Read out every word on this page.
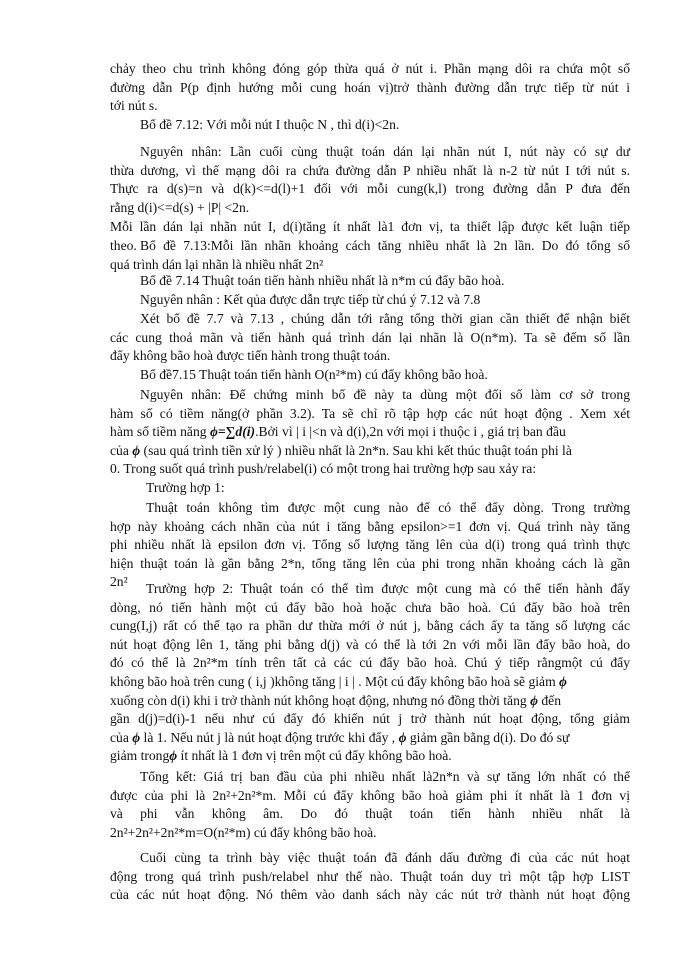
chảy theo chu trình không đóng góp thừa quá ở nút i. Phần mạng dôi ra chứa một số
đường dẫn P(p định hướng mỗi cung hoán vị)trở thành đường dẫn trực tiếp từ nút i
tới nút s.
Bổ đề 7.12: Với mỗi nút I thuộc N , thì d(i)<2n.
Nguyên nhân: Lần cuối cùng thuật toán dán lại nhãn nút I, nút này có sự dư
thừa dương, vì thế mạng dôi ra chứa đường dẫn P nhiều nhất là n-2 từ nút I tới nút s.
Thực ra d(s)=n và d(k)<=d(l)+1 đối với mỗi cung(k,l) trong đường dẫn P đưa đến
rằng d(i)<=d(s) + |P| <2n.
Mỗi lần dán lại nhãn nút I, d(i)tăng ít nhất là1 đơn vị, ta thiết lập được kết luận tiếp
theo. Bổ đề 7.13:Mỗi lần nhãn khoảng cách tăng nhiều nhất là 2n lần. Do đó tổng số
quá trình dán lại nhãn là nhiều nhất 2n²
Bổ đề 7.14 Thuật toán tiến hành nhiều nhất là n*m cú đẩy bão hoà.
Nguyên nhân : Kết qủa được dẫn trực tiếp từ chú ý 7.12 và 7.8
Xét bổ đề 7.7 và 7.13 , chúng dẫn tới rằng tổng thời gian cần thiết để nhận biết
các cung thoả mãn và tiến hành quá trình dán lại nhãn là O(n*m). Ta sẽ đếm số lần
đẩy không bão hoà được tiến hành trong thuật toán.
Bổ đề7.15 Thuật toán tiến hành O(n²*m) cú đẩy không bão hoà.
Nguyên nhân: Để chứng minh bổ đề này ta dùng một đối số làm cơ sở trong
hàm số có tiềm năng(ở phần 3.2). Ta sẽ chỉ rõ tập hợp các nút hoạt động . Xem xét
hàm số tiềm năng ϕ=∑d(i).Bởi vì | i |<n và d(i),2n với mọi i thuộc i , giá trị ban đầu
của ϕ (sau quá trình tiền xử lý ) nhiều nhất là 2n*n. Sau khi kết thúc thuật toán phi là
0. Trong suốt quá trình push/relabel(i) có một trong hai trường hợp sau xảy ra:
Trường hợp 1:
Thuật toán không tìm được một cung nào để có thể đẩy dòng. Trong trường
hợp này khoảng cách nhãn của nút i tăng bằng epsilon>=1 đơn vị. Quá trình này tăng
phi nhiều nhất là epsilon đơn vị. Tổng số lượng tăng lên của d(i) trong quá trình thực
hiện thuật toán là gần bằng 2*n, tổng tăng lên của phi trong nhãn khoảng cách là gần
2n²	Trường hợp 2: Thuật toán có thể tìm được một cung mà có thể tiến hành đẩy
dòng, nó tiến hành một cú đẩy bão hoà hoặc chưa bão hoà. Cú đẩy bão hoà trên
cung(I,j) rất có thể tạo ra phần dư thừa mới ở nút j, bằng cách ấy ta tăng số lượng các
nút hoạt động lên 1, tăng phi bằng d(j) và có thể là tới 2n với mỗi lần đẩy bão hoà, do
đó có thể là 2n²*m tính trên tất cả các cú đẩy bão hoà. Chú ý tiếp rằngmột cú đẩy
không bão hoà trên cung ( i,j )không tăng | i | . Một cú đẩy không bão hoà sẽ giảm ϕ
xuống còn d(i) khi i trở thành nút không hoạt động, nhưng nó đồng thời tăng ϕ đến
gần d(j)=d(i)-1 nếu như cú đẩy đó khiến nút j trở thành nút hoạt động, tổng giảm
của ϕ là 1. Nếu nút j là nút hoạt động trước khi đẩy , ϕ giảm gần bằng d(i). Do đó sự
giảm trongϕ ít nhất là 1 đơn vị trên một cú đẩy không bão hoà.
Tổng kết: Giá trị ban đầu của phi nhiều nhất là2n*n và sự tăng lớn nhất có thể
được của phi là 2n²+2n²*m. Mỗi cú đẩy không bão hoà giảm phi ít nhất là 1 đơn vị
và phi vẫn không âm. Do đó thuật toán tiến hành nhiều nhất là
2n²+2n²+2n²*m=O(n²*m) cú đẩy không bão hoà.
Cuối cùng ta trình bày việc thuật toán đã đánh dấu đường đi của các nút hoạt
động trong quá trình push/relabel như thế nào. Thuật toán duy trì một tập hợp LIST
của các nút hoạt động. Nó thêm vào danh sách này các nút trở thành nút hoạt động
